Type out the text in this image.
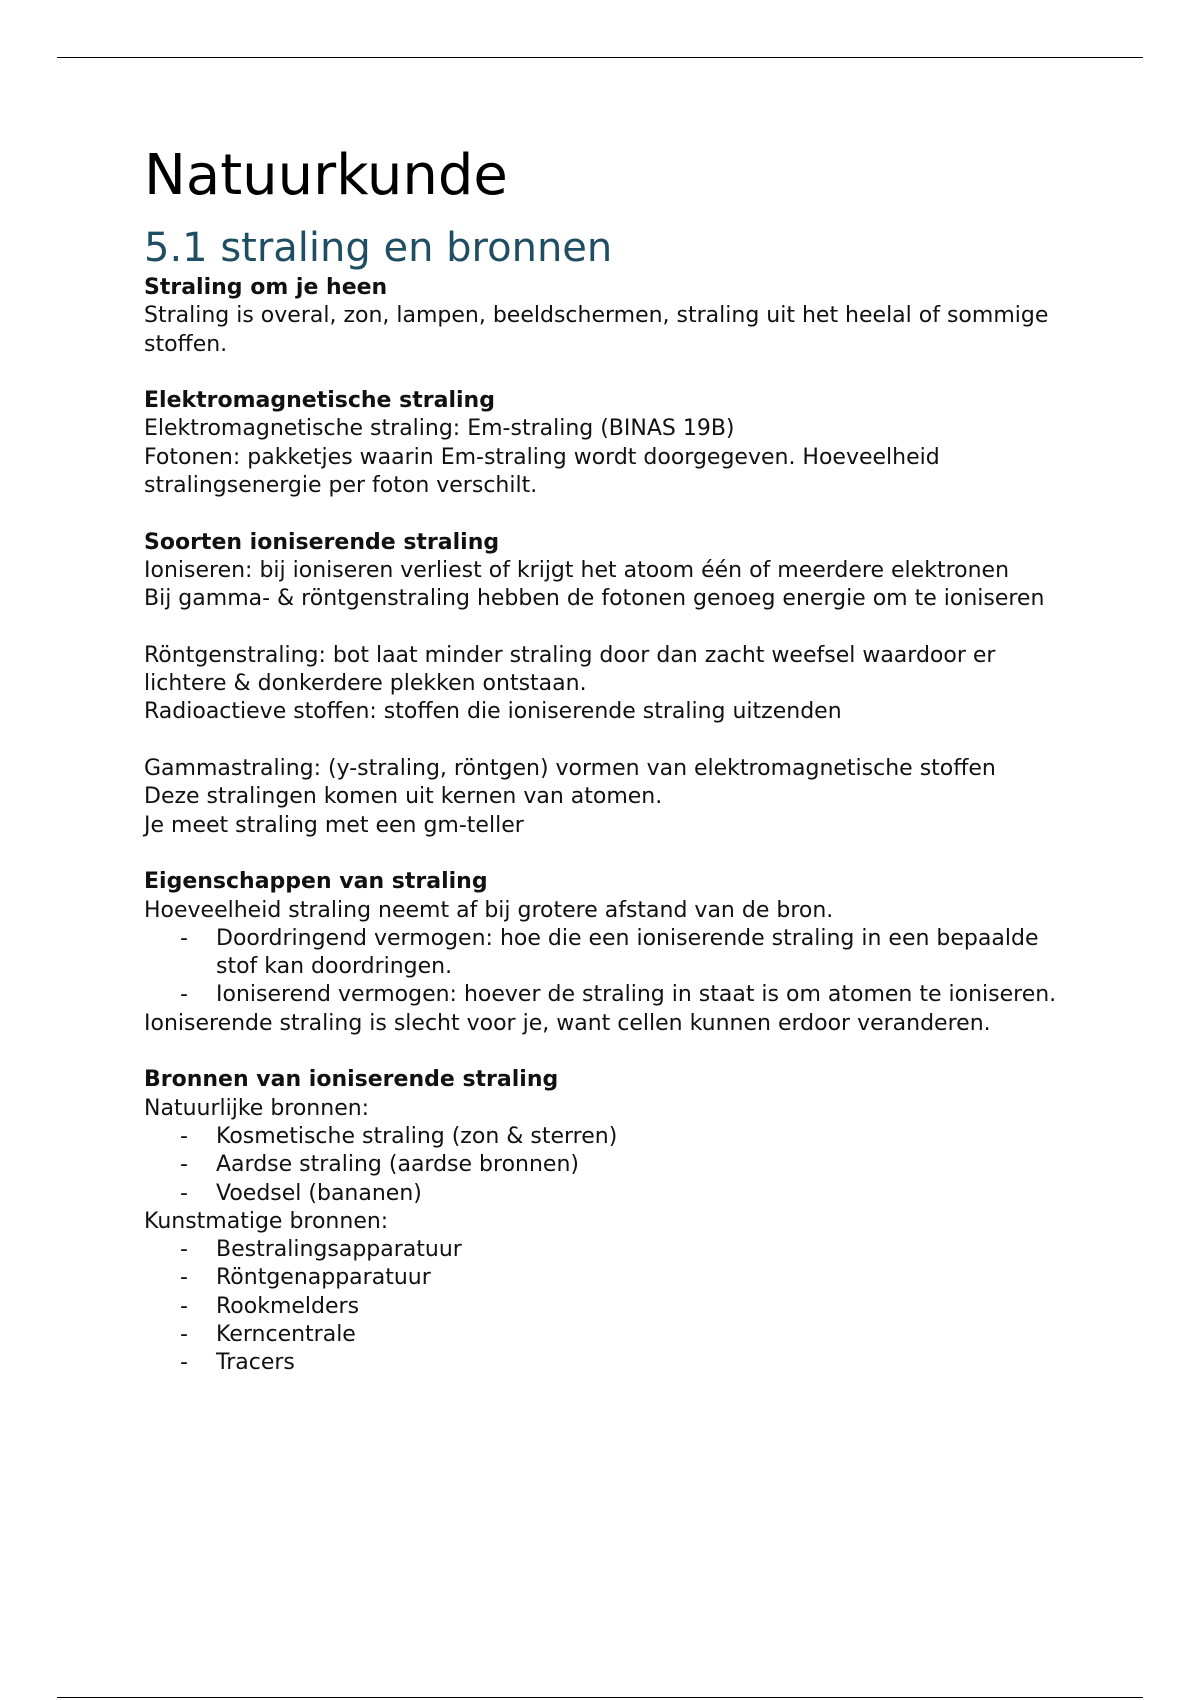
Natuurkunde
5.1 straling en bronnen
Straling om je heen

Straling is overal, zon, lampen, beeldschermen, straling uit het heelal of sommige stoffen.

Elektromagnetische straling

Elektromagnetische straling: Em-straling (BINAS 19B)

Fotonen: pakketjes waarin Em-straling wordt doorgegeven. Hoeveelheid stralingsenergie per foton verschilt.

Soorten ioniserende straling

Ioniseren: bij ioniseren verliest of krijgt het atoom één of meerdere elektronen

Bij gamma- & röntgenstraling hebben de fotonen genoeg energie om te ioniseren

Röntgenstraling: bot laat minder straling door dan zacht weefsel waardoor er lichtere & donkerdere plekken ontstaan.

Radioactieve stoffen: stoffen die ioniserende straling uitzenden

Gammastraling: (y-straling, röntgen) vormen van elektromagnetische stoffen

Deze stralingen komen uit kernen van atomen.

Je meet straling met een gm-teller

Eigenschappen van straling

Hoeveelheid straling neemt af bij grotere afstand van de bron.

- Doordringend vermogen: hoe die een ioniserende straling in een bepaalde stof kan doordringen.
- Ioniserend vermogen: hoever de straling in staat is om atomen te ioniseren.

Ioniserende straling is slecht voor je, want cellen kunnen erdoor veranderen.

Bronnen van ioniserende straling

Natuurlijke bronnen:

- Kosmetische straling (zon & sterren)
- Aardse straling (aardse bronnen)
- Voedsel (bananen)

Kunstmatige bronnen:

- Bestralingsapparatuur
- Röntgenapparatuur
- Rookmelders
- Kerncentrale
- Tracers
